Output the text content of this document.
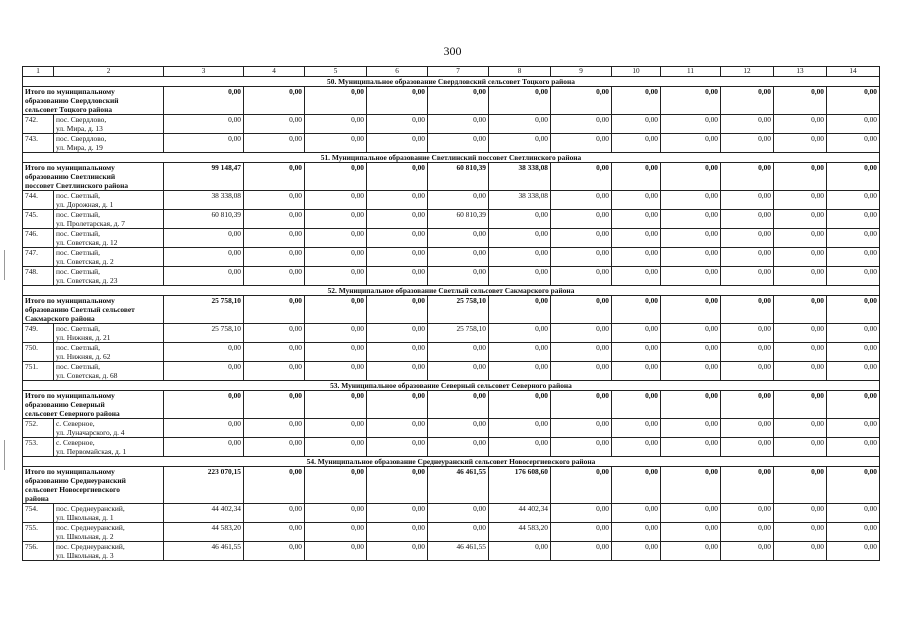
300
1	2	3	4	5	6	7	8	9	10	11	12	13	14
50. Муниципальное образование Свердловский сельсовет Тоцкого района													

Итого по муниципальному
образованию Свердловский
сельсовет Тоцкого района		0,00	0,00	0,00	0,00	0,00	0,00	0,00	0,00	0,00	0,00	0,00	0,00
742.	пос. Свердлово,
ул. Мира, д. 13	0,00	0,00	0,00	0,00	0,00	0,00	0,00	0,00	0,00	0,00	0,00	0,00
743.	пос. Свердлово,
ул. Мира, д. 19	0,00	0,00	0,00	0,00	0,00	0,00	0,00	0,00	0,00	0,00	0,00	0,00
51. Муниципальное образование Светлинский поссовет Светлинского района													

Итого по муниципальному
образованию Светлинский
поссовет Светлинского района		99 148,47	0,00	0,00	0,00	60 810,39	38 338,08	0,00	0,00	0,00	0,00	0,00	0,00
744.	пос. Светлый,
ул. Дорожная, д. 1	38 338,08	0,00	0,00	0,00	0,00	38 338,08	0,00	0,00	0,00	0,00	0,00	0,00
745.	пос. Светлый,
ул. Пролетарская, д. 7	60 810,39	0,00	0,00	0,00	60 810,39	0,00	0,00	0,00	0,00	0,00	0,00	0,00
746.	пос. Светлый,
ул. Советская, д. 12	0,00	0,00	0,00	0,00	0,00	0,00	0,00	0,00	0,00	0,00	0,00	0,00
747.	пос. Светлый,
ул. Советская, д. 2	0,00	0,00	0,00	0,00	0,00	0,00	0,00	0,00	0,00	0,00	0,00	0,00
748.	пос. Светлый,
ул. Советская, д. 23	0,00	0,00	0,00	0,00	0,00	0,00	0,00	0,00	0,00	0,00	0,00	0,00
52. Муниципальное образование Светлый сельсовет Сакмарского района													

Итого по муниципальному
образованию Светлый сельсовет
Сакмарского района		25 758,10	0,00	0,00	0,00	25 758,10	0,00	0,00	0,00	0,00	0,00	0,00	0,00
749.	пос. Светлый,
ул. Нижняя, д. 21	25 758,10	0,00	0,00	0,00	25 758,10	0,00	0,00	0,00	0,00	0,00	0,00	0,00
750.	пос. Светлый,
ул. Нижняя, д. 62	0,00	0,00	0,00	0,00	0,00	0,00	0,00	0,00	0,00	0,00	0,00	0,00
751.	пос. Светлый,
ул. Советская, д. 68	0,00	0,00	0,00	0,00	0,00	0,00	0,00	0,00	0,00	0,00	0,00	0,00
53. Муниципальное образование Северный сельсовет Северного района													

Итого по муниципальному
образованию Северный
сельсовет Северного района		0,00	0,00	0,00	0,00	0,00	0,00	0,00	0,00	0,00	0,00	0,00	0,00
752.	с. Северное,
ул. Луначарского, д. 4	0,00	0,00	0,00	0,00	0,00	0,00	0,00	0,00	0,00	0,00	0,00	0,00
753.	с. Северное,
ул. Первомайская, д. 1	0,00	0,00	0,00	0,00	0,00	0,00	0,00	0,00	0,00	0,00	0,00	0,00
54. Муниципальное образование Среднеуранский сельсовет Новосергиевского района													

Итого по муниципальному
образованию Среднеуранский
сельсовет Новосергиевского
района		223 070,15	0,00	0,00	0,00	46 461,55	176 608,60	0,00	0,00	0,00	0,00	0,00	0,00
754.	пос. Среднеуранский,
ул. Школьная, д. 1	44 402,34	0,00	0,00	0,00	0,00	44 402,34	0,00	0,00	0,00	0,00	0,00	0,00
755.	пос. Среднеуранский,
ул. Школьная, д. 2	44 583,20	0,00	0,00	0,00	0,00	44 583,20	0,00	0,00	0,00	0,00	0,00	0,00
756.	пос. Среднеуранский,
ул. Школьная, д. 3	46 461,55	0,00	0,00	0,00	46 461,55	0,00	0,00	0,00	0,00	0,00	0,00	0,00
